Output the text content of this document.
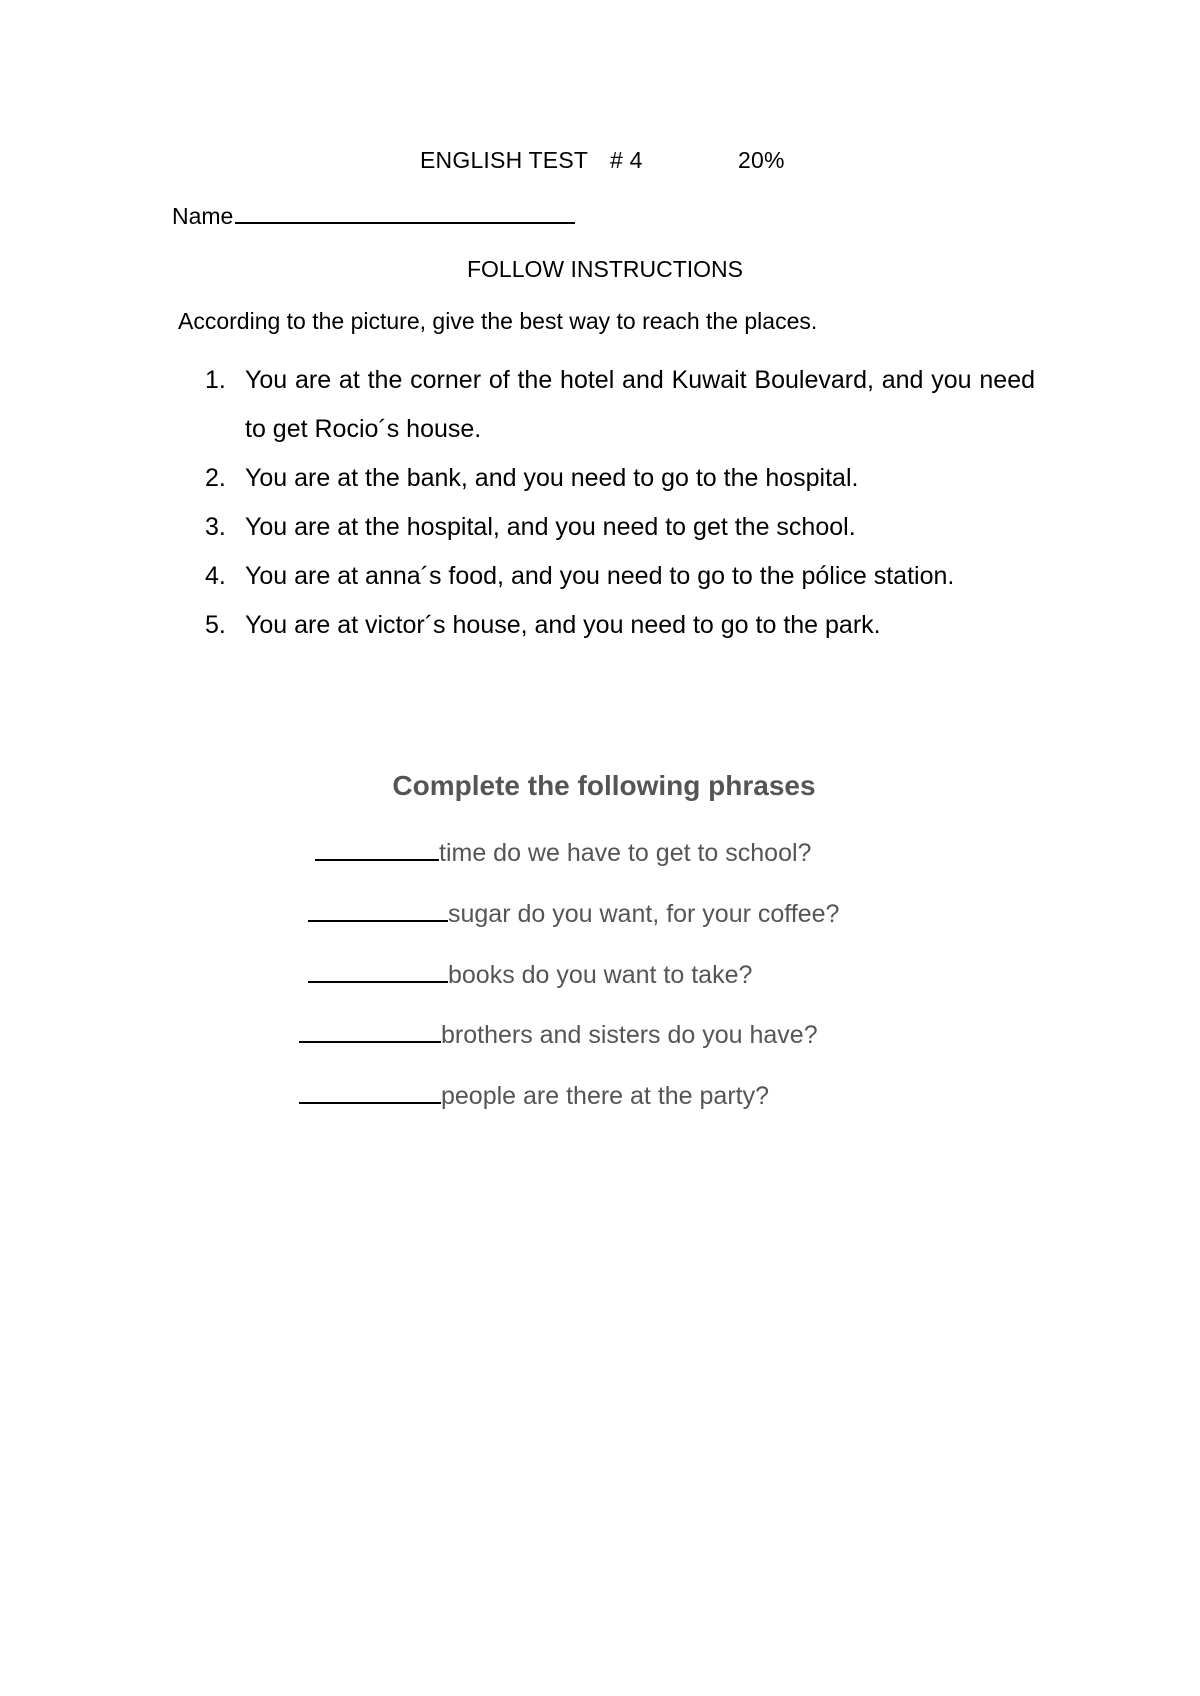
ENGLISH TEST # 4	20%
Name
FOLLOW INSTRUCTIONS
According to the picture, give the best way to reach the places.
1. You are at the corner of the hotel and Kuwait Boulevard, and you need to get Rocio´s house.
2. You are at the bank, and you need to go to the hospital.
3. You are at the hospital, and you need to get the school.
4. You are at anna´s food, and you need to go to the pólice station.
5. You are at victor´s house, and you need to go to the park.
Complete the following phrases
time do we have to get to school?
sugar do you want, for your coffee?
books do you want to take?
brothers and sisters do you have?
people are there at the party?
